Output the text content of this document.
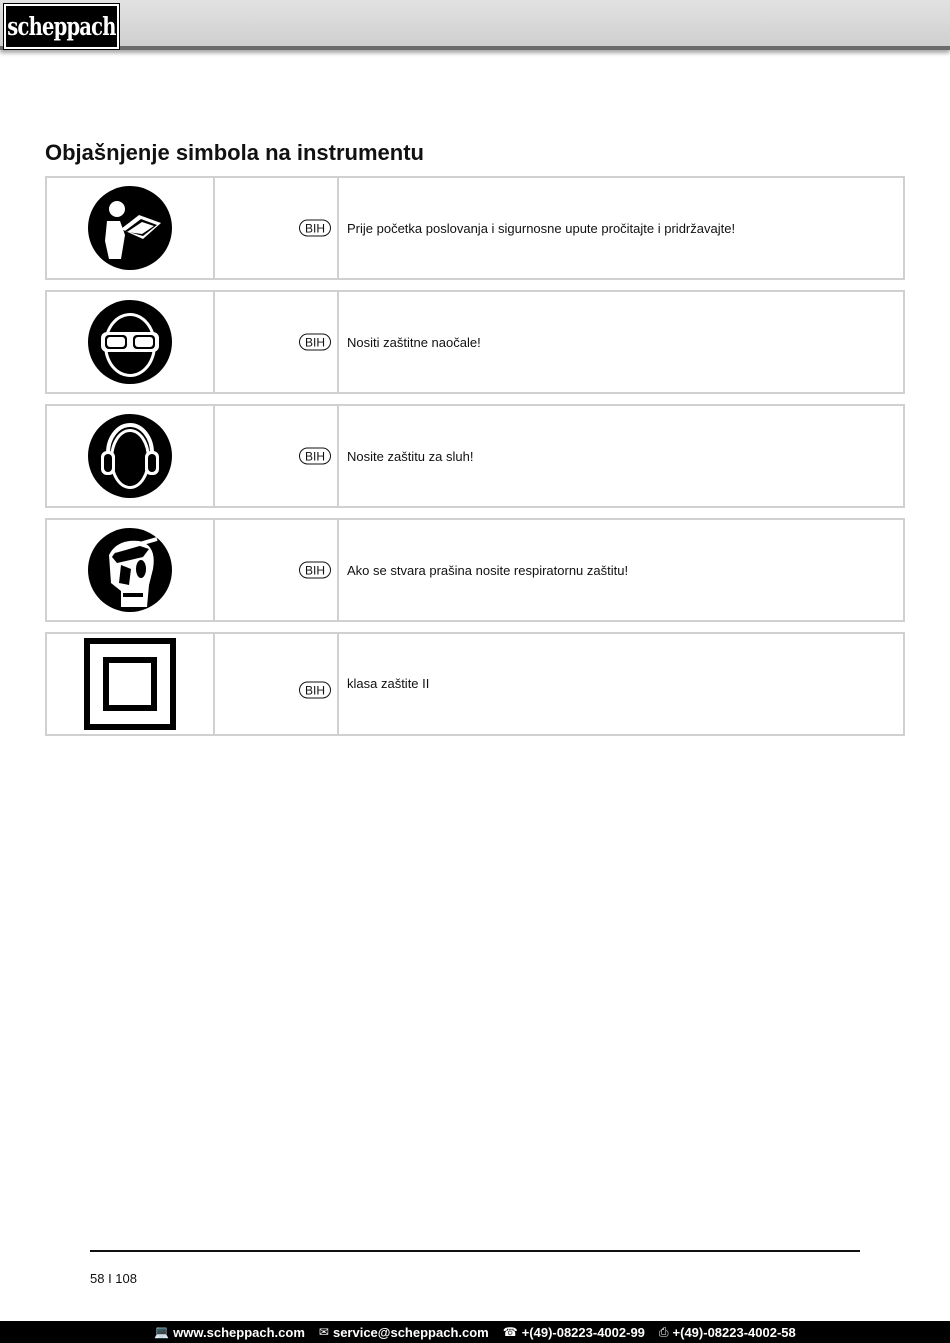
scheppach
Objašnjenje simbola na instrumentu
BIH	Prije početka poslovanja i sigurnosne upute pročitajte i pridržavajte!
BIH	Nositi zaštitne naočale!
BIH	Nosite zaštitu za sluh!
BIH	Ako se stvara prašina nosite respiratornu zaštitu!
BIH	klasa zaštite II
58 I 108
💻 www.scheppach.com ✉ service@scheppach.com ☎ +(49)-08223-4002-99 ⎙ +(49)-08223-4002-58
